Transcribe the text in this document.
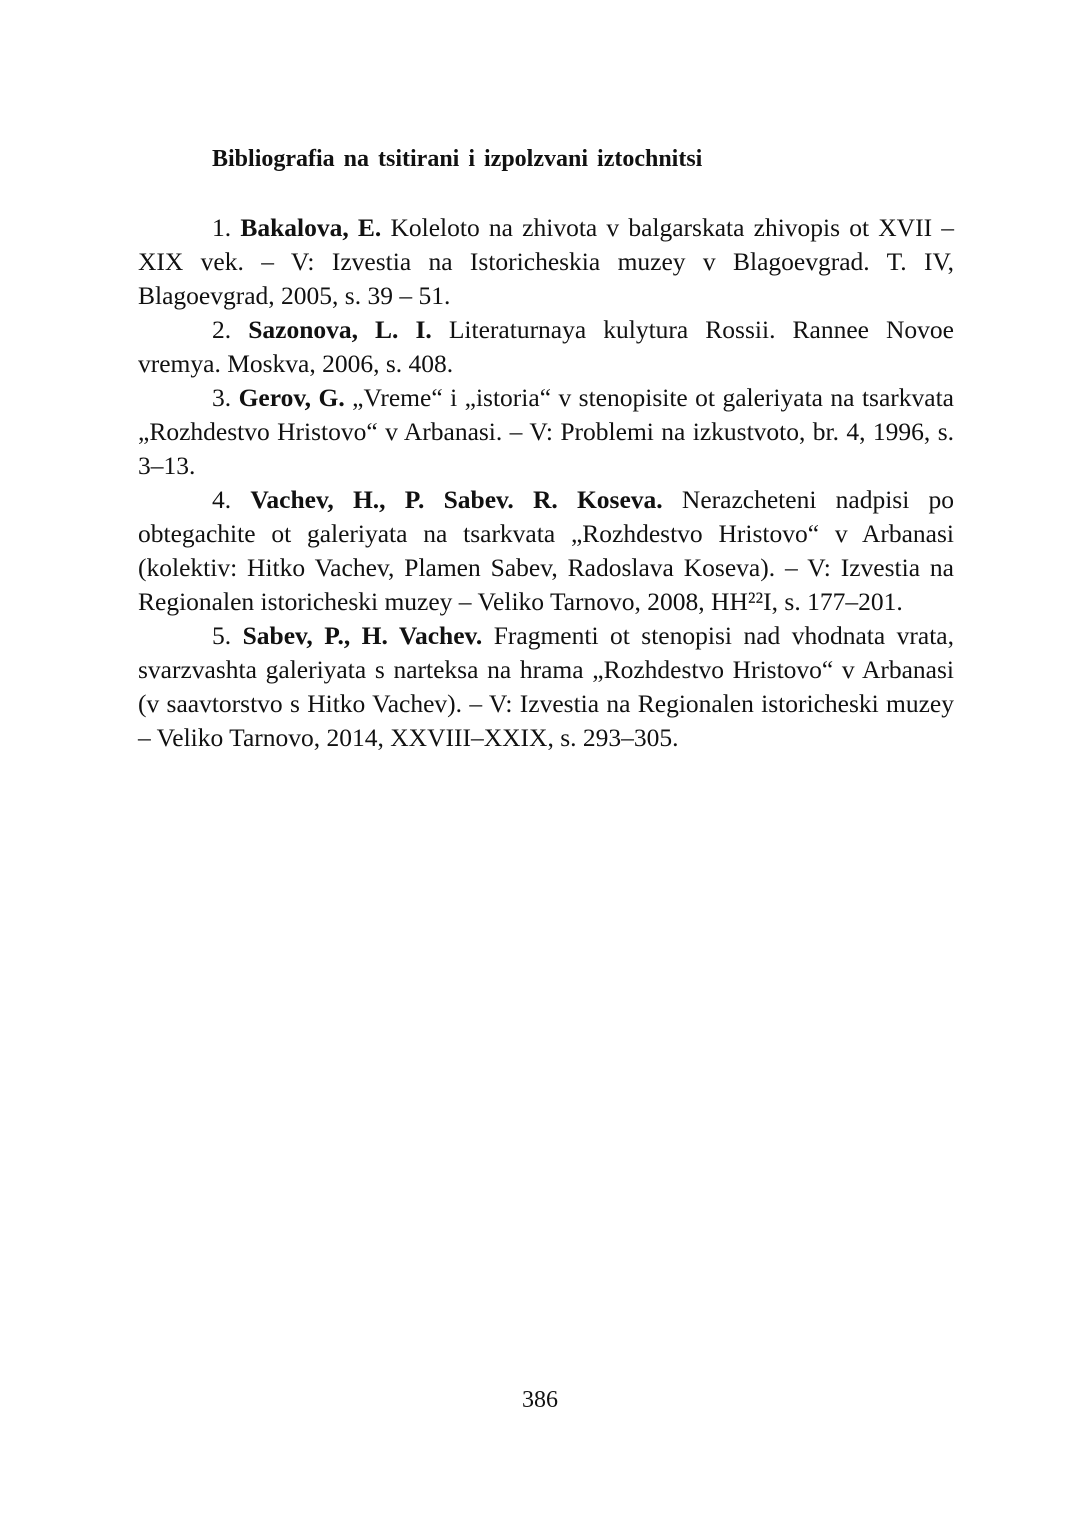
Bibliografia na tsitirani i izpolzvani iztochnitsi

1. Bakalova, E. Koleloto na zhivota v balgarskata zhivopis ot XVII – XIX vek. – V: Izvestia na Istoricheskia muzey v Blagoevgrad. T. IV, Blagoevgrad, 2005, s. 39 – 51.

2. Sazonova, L. I. Literaturnaya kulytura Rossii. Rannee Novoe vremya. Moskva, 2006, s. 408.

3. Gerov, G. „Vreme“ i „istoria“ v stenopisite ot galeriyata na tsarkvata „Rozhdestvo Hristovo“ v Arbanasi. – V: Problemi na izkustvoto, br. 4, 1996, s. 3–13.

4. Vachev, H., P. Sabev. R. Koseva. Nerazcheteni nadpisi po obtegachite ot galeriyata na tsarkvata „Rozhdestvo Hristovo“ v Arbanasi (kolektiv: Hitko Vachev, Plamen Sabev, Radoslava Koseva). – V: Izvestia na Regionalen istoricheski muzey – Veliko Tarnovo, 2008, HH²²I, s. 177–201.

5. Sabev, P., H. Vachev. Fragmenti ot stenopisi nad vhodnata vrata, svarzvashta galeriyata s narteksa na hrama „Rozhdestvo Hristovo“ v Arbanasi (v saavtorstvo s Hitko Vachev). – V: Izvestia na Regionalen istoricheski muzey – Veliko Tarnovo, 2014, XXVIII–XXIX, s. 293–305.

386
